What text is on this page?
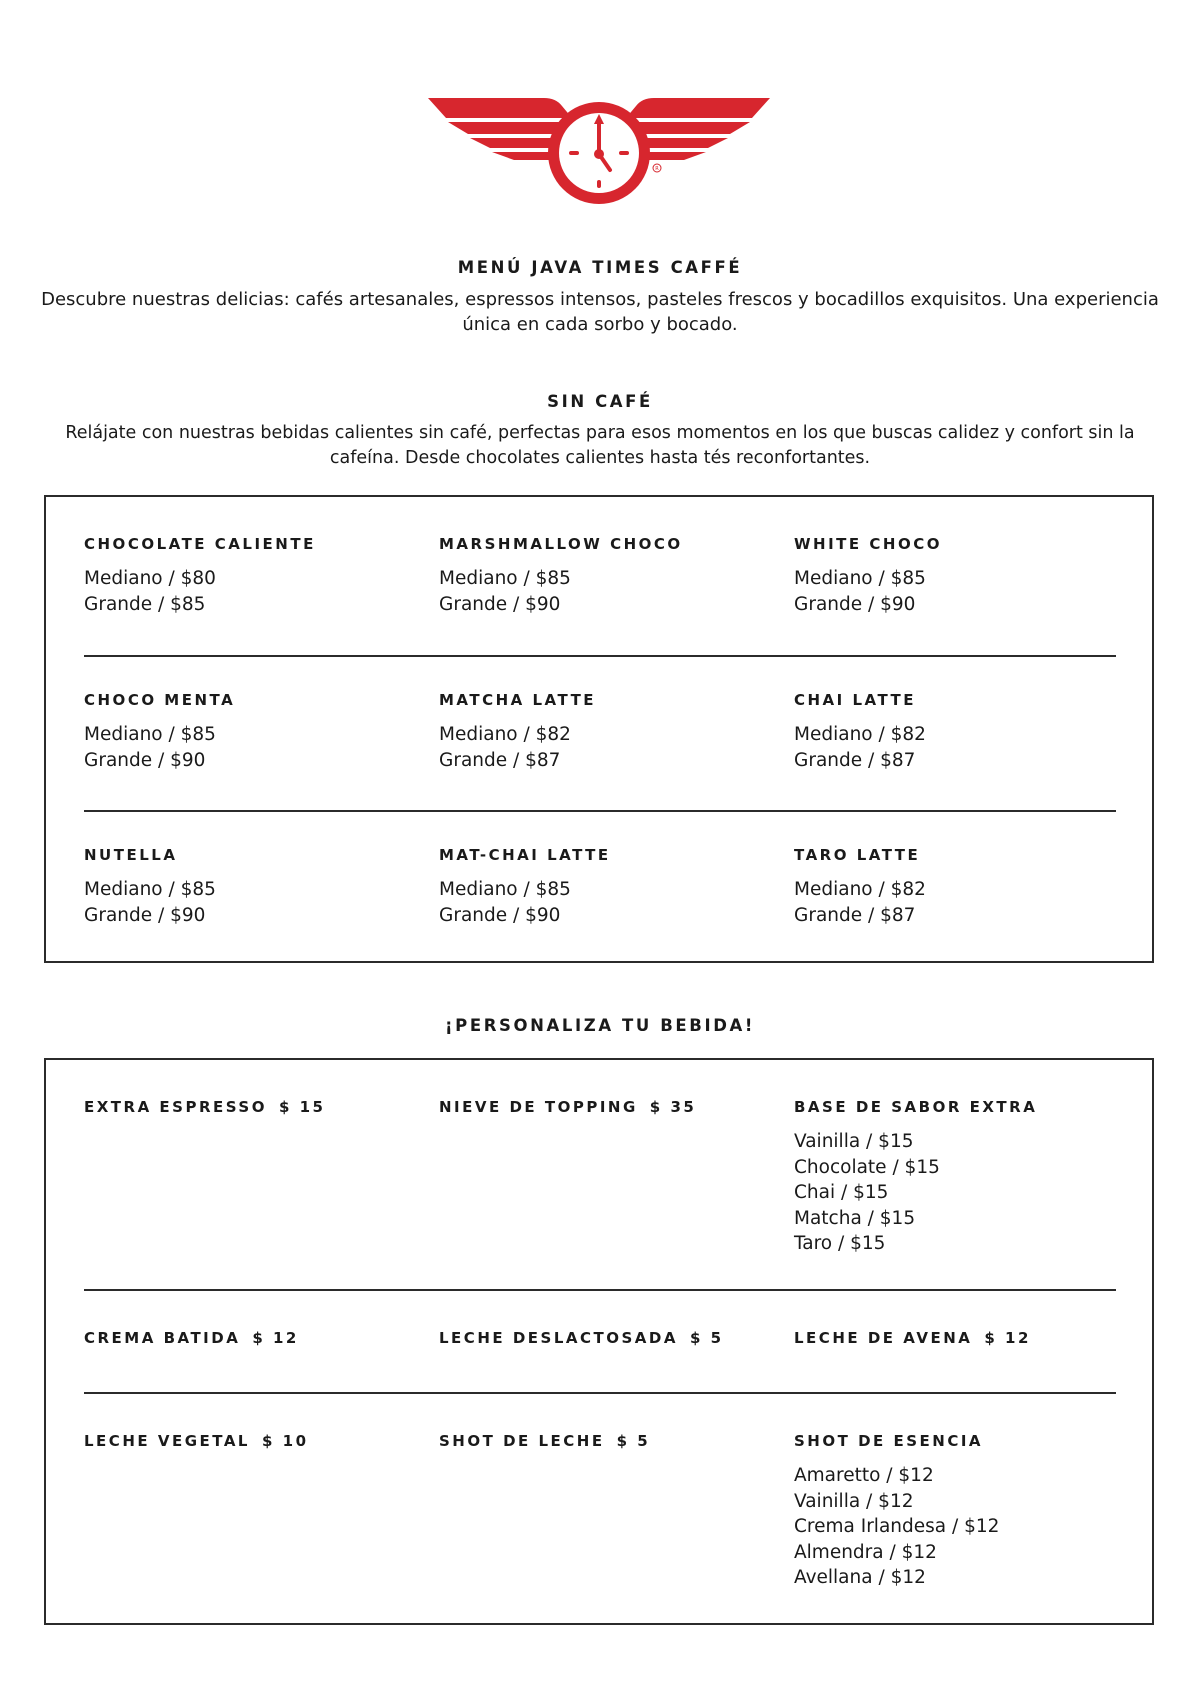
R
MENÚ JAVA TIMES CAFFÉ

Descubre nuestras delicias: cafés artesanales, espressos intensos, pasteles frescos y bocadillos exquisitos. Una experiencia única en cada sorbo y bocado.

SIN CAFÉ

Relájate con nuestras bebidas calientes sin café, perfectas para esos momentos en los que buscas calidez y confort sin la cafeína. Desde chocolates calientes hasta tés reconfortantes.

CHOCOLATE CALIENTE
Mediano / $80
Grande / $85
MARSHMALLOW CHOCO
Mediano / $85
Grande / $90
WHITE CHOCO
Mediano / $85
Grande / $90
CHOCO MENTA
Mediano / $85
Grande / $90
MATCHA LATTE
Mediano / $82
Grande / $87
CHAI LATTE
Mediano / $82
Grande / $87
NUTELLA
Mediano / $85
Grande / $90
MAT-CHAI LATTE
Mediano / $85
Grande / $90
TARO LATTE
Mediano / $82
Grande / $87
¡PERSONALIZA TU BEBIDA!
EXTRA ESPRESSO $ 15	NIEVE DE TOPPING $ 35	BASE DE SABOR EXTRA
Vainilla / $15
Chocolate / $15
Chai / $15
Matcha / $15
Taro / $15
CREMA BATIDA $ 12	LECHE DESLACTOSADA $ 5	LECHE DE AVENA $ 12
LECHE VEGETAL $ 10	SHOT DE LECHE $ 5	SHOT DE ESENCIA
Amaretto / $12
Vainilla / $12
Crema Irlandesa / $12
Almendra / $12
Avellana / $12
